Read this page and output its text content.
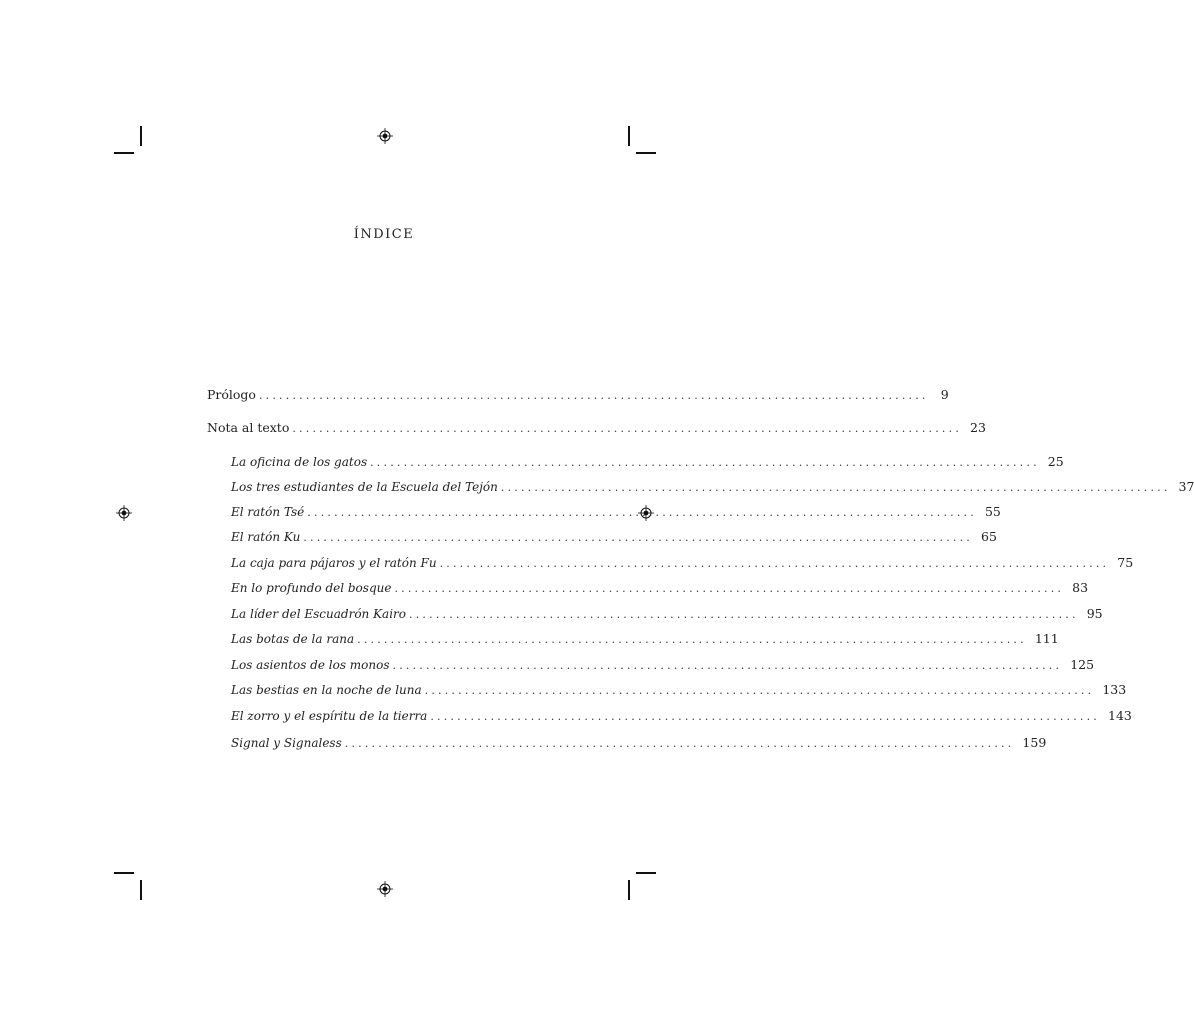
ÍNDICE
Prólogo .................................................................................................... 9
Nota al texto .................................................................................................... 23
La oficina de los gatos .................................................................................................... 25
Los tres estudiantes de la Escuela del Tejón .................................................................................................... 37
El ratón Tsé .................................................................................................... 55
El ratón Ku .................................................................................................... 65
La caja para pájaros y el ratón Fu .................................................................................................... 75
En lo profundo del bosque .................................................................................................... 83
La líder del Escuadrón Kairo .................................................................................................... 95
Las botas de la rana .................................................................................................... 111
Los asientos de los monos .................................................................................................... 125
Las bestias en la noche de luna .................................................................................................... 133
El zorro y el espíritu de la tierra .................................................................................................... 143
Signal y Signaless .................................................................................................... 159
